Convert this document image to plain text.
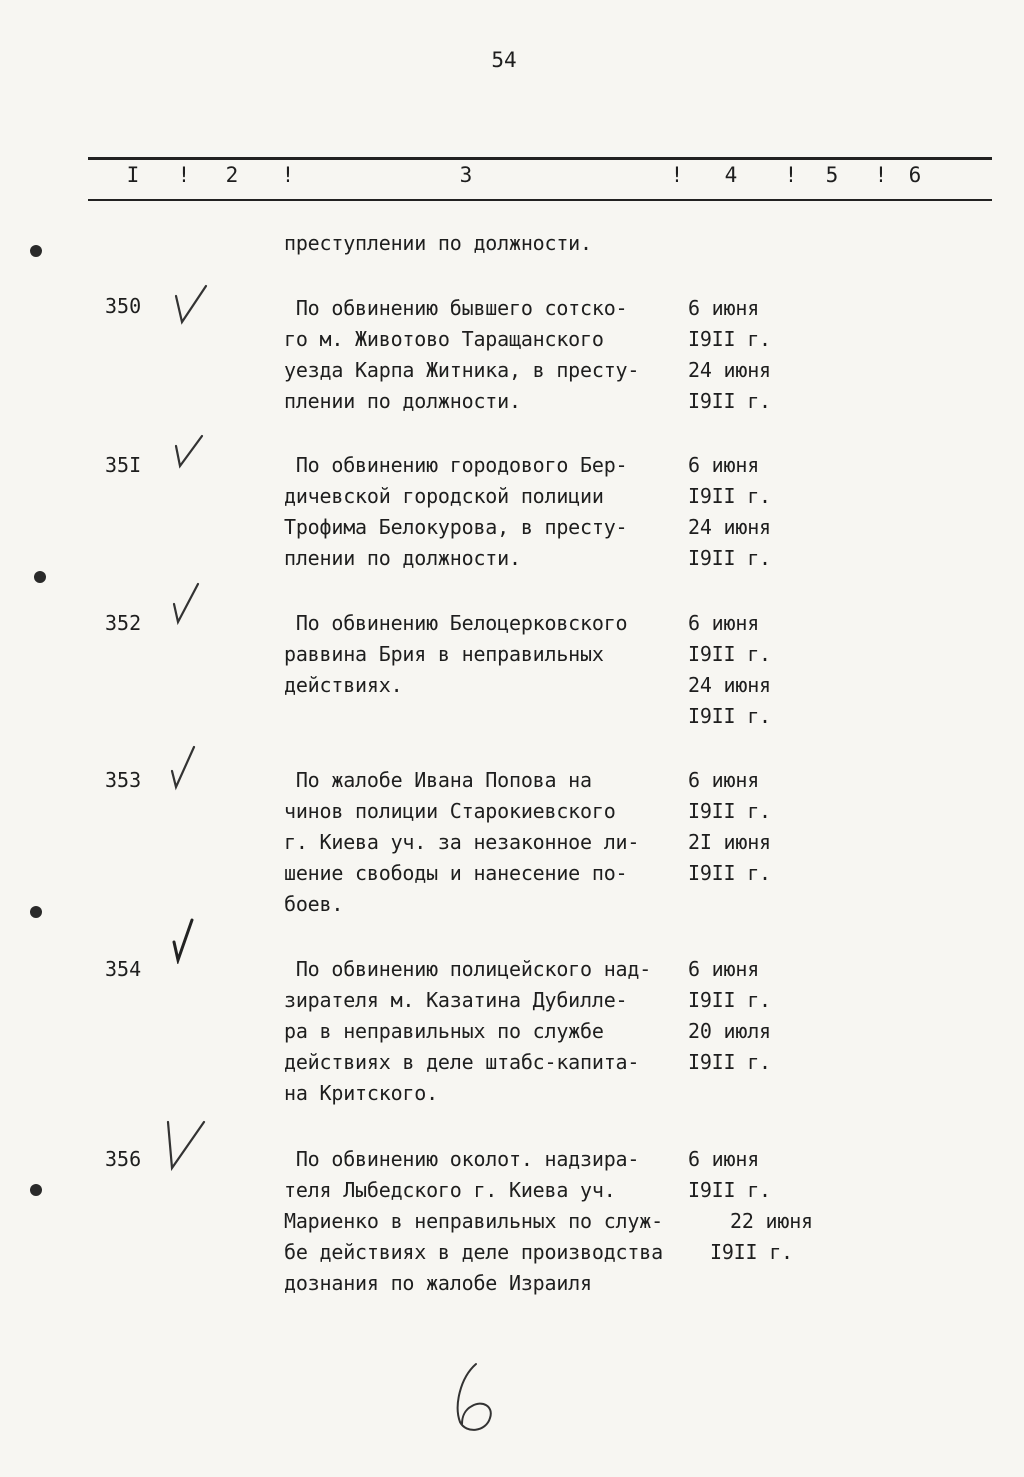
54
I ! 2 !	3	! 4 ! 5 ! 6
преступлении по должности.
350	По обвинению бывшего сотско-
го м. Животово Таращанского
уезда Карпа Житника, в престу-
плении по должности.
6 июня
I9II г.
24 июня
I9II г.
35I	По обвинению городового Бер-
дичевской городской полиции
Трофима Белокурова, в престу-
плении по должности.
6 июня
I9II г.
24 июня
I9II г.
352	По обвинению Белоцерковского
раввина Брия в неправильных
действиях.
6 июня
I9II г.
24 июня
I9II г.
353	По жалобе Ивана Попова на
чинов полиции Старокиевского
г. Киева уч. за незаконное ли-
шение свободы и нанесение по-
боев.
6 июня
I9II г.
2I июня
I9II г.
354	По обвинению полицейского над-
зирателя м. Казатина Дубилле-
ра в неправильных по службе
действиях в деле штабс-капита-
на Критского.
6 июня
I9II г.
20 июля
I9II г.
356	По обвинению околот. надзира-
теля Лыбедского г. Киева уч.
Мариенко в неправильных по служ-
бе действиях в деле производства
дознания по жалобе Израиля
6 июня
I9II г.
22 июня
I9II г.
